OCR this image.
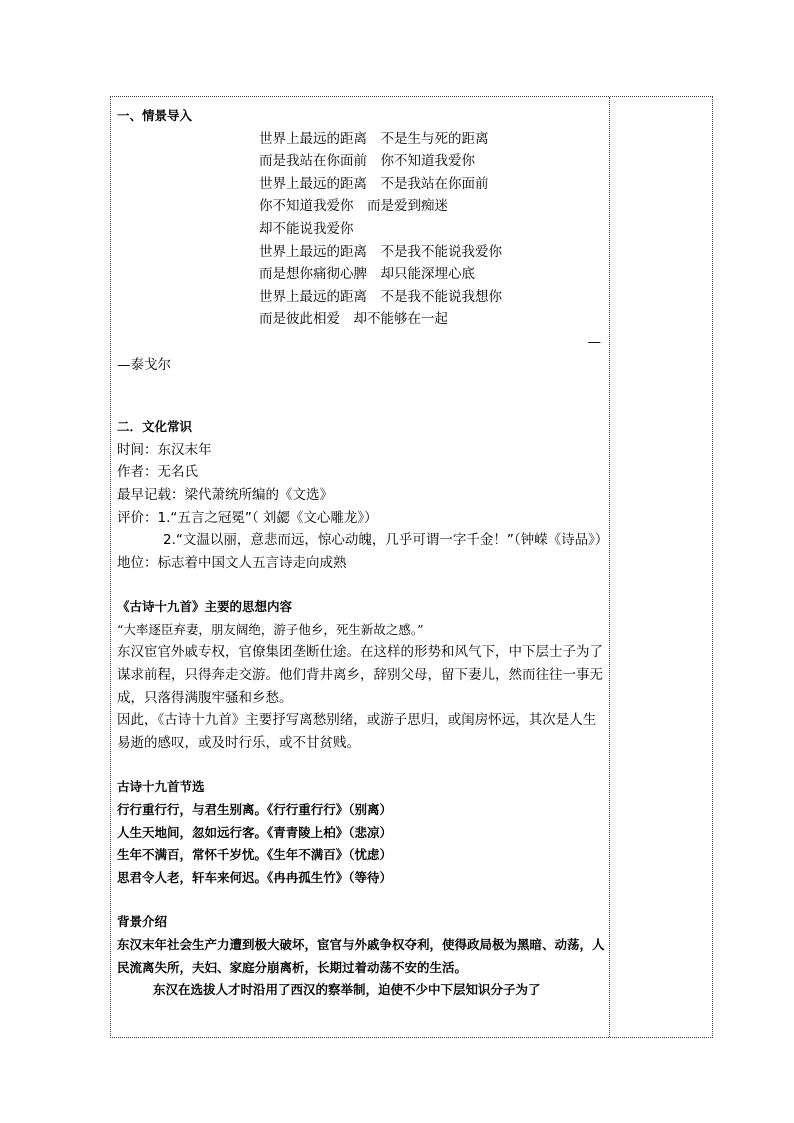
一、情景导入
世界上最远的距离　不是生与死的距离
而是我站在你面前　你不知道我爱你
世界上最远的距离　不是我站在你面前
你不知道我爱你　而是爱到痴迷
却不能说我爱你
世界上最远的距离　不是我不能说我爱你
而是想你痛彻心脾　却只能深埋心底
世界上最远的距离　不是我不能说我想你
而是彼此相爱　却不能够在一起
—
—泰戈尔
二．文化常识
时间：东汉末年
作者：无名氏
最早记载：梁代萧统所编的《文选》
评价：1.“五言之冠冕”（ 刘勰《文心雕龙》）
2.“文温以丽，意悲而远，惊心动魄，几乎可谓一字千金！”（钟嵘《诗品》）
地位：标志着中国文人五言诗走向成熟
《古诗十九首》主要的思想内容
“大率逐臣弃妻，朋友阔绝，游子他乡，死生新故之感。”
东汉宦官外戚专权，官僚集团垄断仕途。在这样的形势和风气下，中下层士子为了谋求前程，只得奔走交游。他们背井离乡，辞别父母，留下妻儿，然而往往一事无成，只落得满腹牢骚和乡愁。
因此，《古诗十九首》主要抒写离愁别绪，或游子思归，或闺房怀远，其次是人生易逝的感叹，或及时行乐，或不甘贫贱。
古诗十九首节选
行行重行行，与君生别离。《行行重行行》（别离）
人生天地间，忽如远行客。《青青陵上柏》（悲凉）
生年不满百，常怀千岁忧。《生年不满百》（忧虑）
思君令人老，轩车来何迟。《冉冉孤生竹》（等待）
背景介绍
东汉末年社会生产力遭到极大破坏，宦官与外戚争权夺利，使得政局极为黑暗、动荡，人民流离失所，夫妇、家庭分崩离析，长期过着动荡不安的生活。
东汉在选拔人才时沿用了西汉的察举制，迫使不少中下层知识分子为了
